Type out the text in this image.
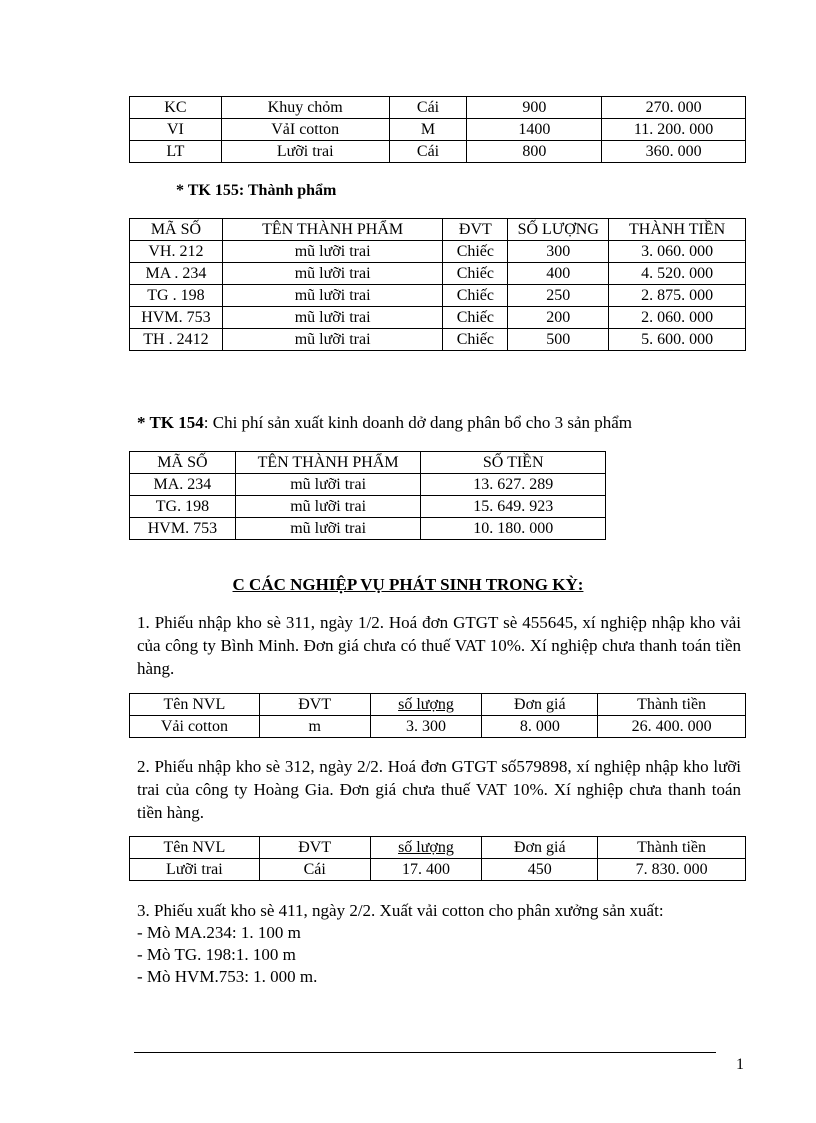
KC	Khuy chỏm	Cái	900	270. 000
VI	VảI cotton	M	1400	11. 200. 000
LT	Lưỡi trai	Cái	800	360. 000
* TK 155: Thành phẩm
MÃ SỐ	TÊN THÀNH PHẨM	ĐVT	SỐ LƯỢNG	THÀNH TIỀN
VH. 212	mũ lưỡi trai	Chiếc	300	3. 060. 000
MA . 234	mũ lưỡi trai	Chiếc	400	4. 520. 000
TG . 198	mũ lưỡi trai	Chiếc	250	2. 875. 000
HVM. 753	mũ lưỡi trai	Chiếc	200	2. 060. 000
TH . 2412	mũ lưỡi trai	Chiếc	500	5. 600. 000
* TK 154: Chi phí sản xuất kinh doanh dở dang phân bổ cho 3 sản phẩm
MÃ SỐ	TÊN THÀNH PHẨM	SỐ TIỀN
MA. 234	mũ lưỡi trai	13. 627. 289
TG. 198	mũ lưỡi trai	15. 649. 923
HVM. 753	mũ lưỡi trai	10. 180. 000
C CÁC NGHIỆP VỤ PHÁT SINH TRONG KỲ:
1. Phiếu nhập kho sè 311, ngày 1/2. Hoá đơn GTGT sè 455645, xí nghiệp nhập kho vải của công ty Bình Minh. Đơn giá chưa có thuế VAT 10%. Xí nghiệp chưa thanh toán tiền hàng.
Tên NVL	ĐVT	số lượng	Đơn giá	Thành tiền
Vải cotton	m	3. 300	8. 000	26. 400. 000
2. Phiếu nhập kho sè 312, ngày 2/2. Hoá đơn GTGT số579898, xí nghiệp nhập kho lưỡi trai của công ty Hoàng Gia. Đơn giá chưa thuế VAT 10%. Xí nghiệp chưa thanh toán tiền hàng.
Tên NVL	ĐVT	số lượng	Đơn giá	Thành tiền
Lưỡi trai	Cái	17. 400	450	7. 830. 000
3. Phiếu xuất kho sè 411, ngày 2/2. Xuất vải cotton cho phân xưởng sản xuất:
- Mò MA.234: 1. 100 m
- Mò TG. 198:1. 100 m
- Mò HVM.753: 1. 000 m.
1
